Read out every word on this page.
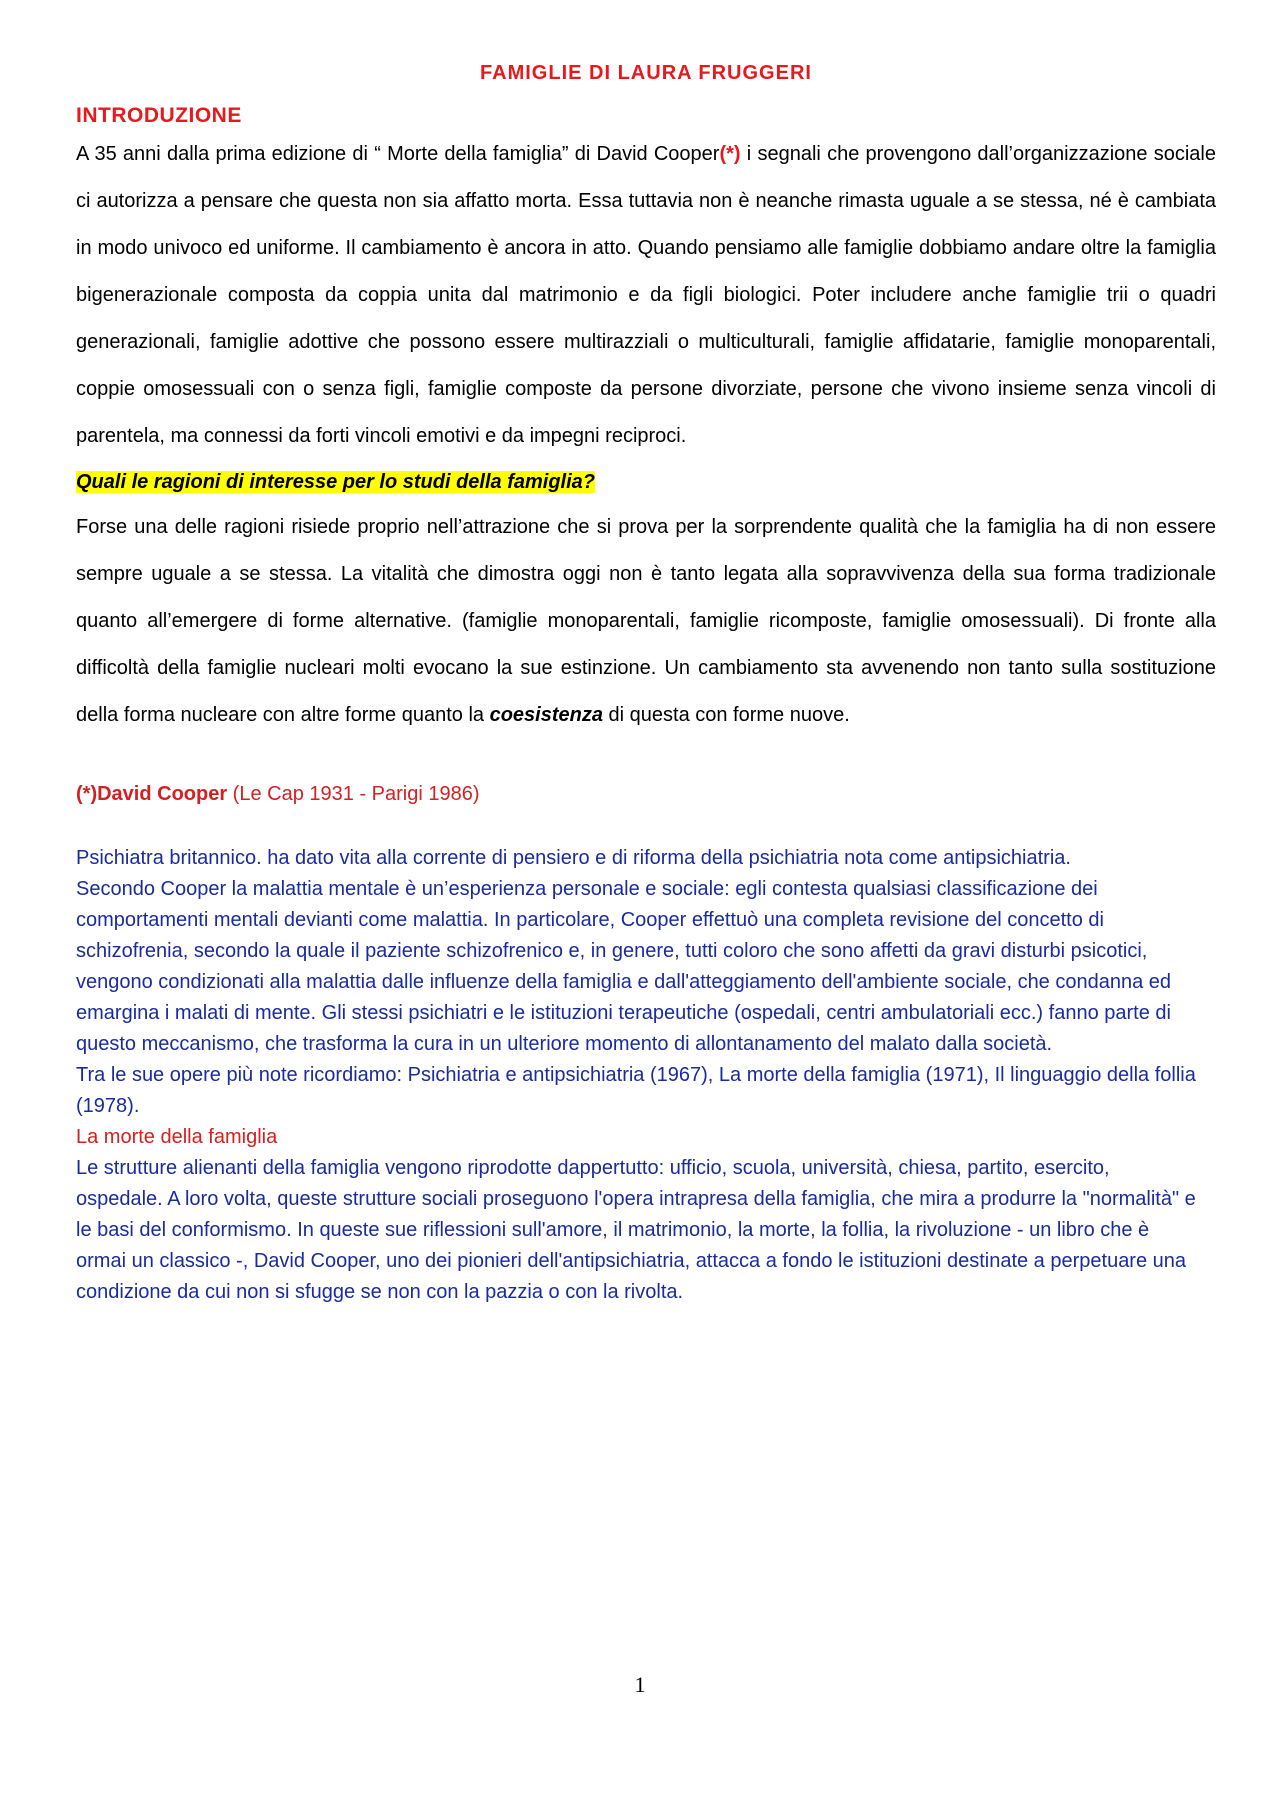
FAMIGLIE DI LAURA FRUGGERI
INTRODUZIONE

A 35 anni dalla prima edizione di “ Morte della famiglia” di David Cooper(*) i segnali che provengono dall’organizzazione sociale ci autorizza a pensare che questa non sia affatto morta. Essa tuttavia non è neanche rimasta uguale a se stessa, né è cambiata in modo univoco ed uniforme. Il cambiamento è ancora in atto. Quando pensiamo alle famiglie dobbiamo andare oltre la famiglia bigenerazionale composta da coppia unita dal matrimonio e da figli biologici. Poter includere anche famiglie trii o quadri generazionali, famiglie adottive che possono essere multirazziali o multiculturali, famiglie affidatarie, famiglie monoparentali, coppie omosessuali con o senza figli, famiglie composte da persone divorziate, persone che vivono insieme senza vincoli di parentela, ma connessi da forti vincoli emotivi e da impegni reciproci.

Quali le ragioni di interesse per lo studi della famiglia?

Forse una delle ragioni risiede proprio nell’attrazione che si prova per la sorprendente qualità che la famiglia ha di non essere sempre uguale a se stessa. La vitalità che dimostra oggi non è tanto legata alla sopravvivenza della sua forma tradizionale quanto all’emergere di forme alternative. (famiglie monoparentali, famiglie ricomposte, famiglie omosessuali). Di fronte alla difficoltà della famiglie nucleari molti evocano la sue estinzione. Un cambiamento sta avvenendo non tanto sulla sostituzione della forma nucleare con altre forme quanto la coesistenza di questa con forme nuove.

(*)David Cooper (Le Cap 1931 - Parigi 1986)

Psichiatra britannico. ha dato vita alla corrente di pensiero e di riforma della psichiatria nota come antipsichiatria.

Secondo Cooper la malattia mentale è un’esperienza personale e sociale: egli contesta qualsiasi classificazione dei comportamenti mentali devianti come malattia. In particolare, Cooper effettuò una completa revisione del concetto di schizofrenia, secondo la quale il paziente schizofrenico e, in genere, tutti coloro che sono affetti da gravi disturbi psicotici, vengono condizionati alla malattia dalle influenze della famiglia e dall'atteggiamento dell'ambiente sociale, che condanna ed emargina i malati di mente. Gli stessi psichiatri e le istituzioni terapeutiche (ospedali, centri ambulatoriali ecc.) fanno parte di questo meccanismo, che trasforma la cura in un ulteriore momento di allontanamento del malato dalla società.

Tra le sue opere più note ricordiamo: Psichiatria e antipsichiatria (1967), La morte della famiglia (1971), Il linguaggio della follia (1978).

La morte della famiglia

Le strutture alienanti della famiglia vengono riprodotte dappertutto: ufficio, scuola, università, chiesa, partito, esercito, ospedale. A loro volta, queste strutture sociali proseguono l'opera intrapresa della famiglia, che mira a produrre la "normalità" e le basi del conformismo. In queste sue riflessioni sull'amore, il matrimonio, la morte, la follia, la rivoluzione - un libro che è ormai un classico -, David Cooper, uno dei pionieri dell'antipsichiatria, attacca a fondo le istituzioni destinate a perpetuare una condizione da cui non si sfugge se non con la pazzia o con la rivolta.

1
